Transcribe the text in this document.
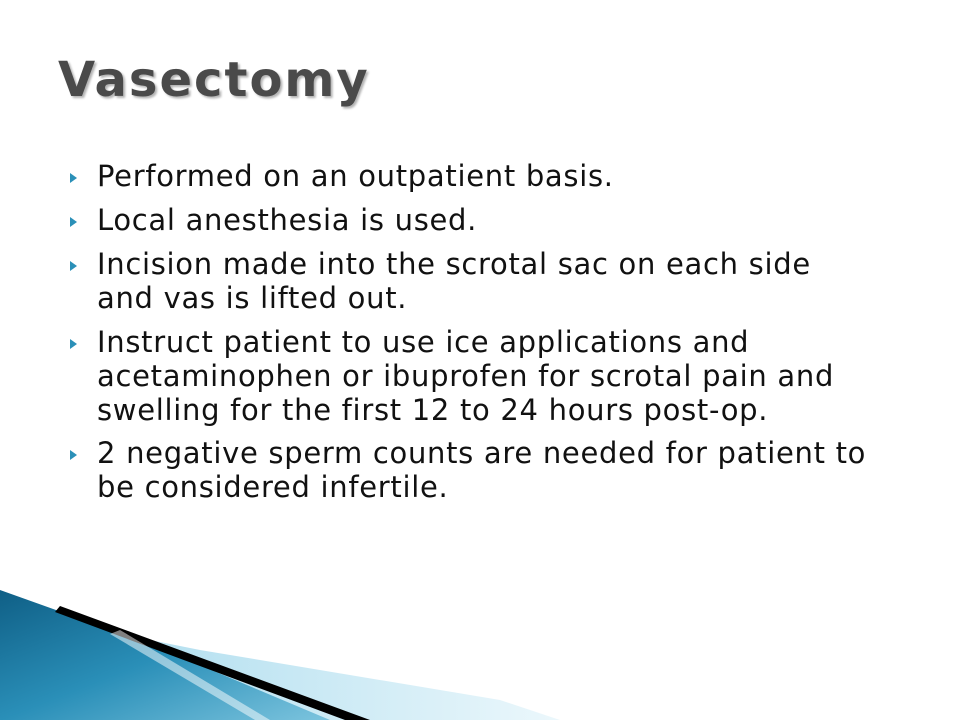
Vasectomy
Performed on an outpatient basis.
Local anesthesia is used.
Incision made into the scrotal sac on each side and vas is lifted out.
Instruct patient to use ice applications and acetaminophen or ibuprofen for scrotal pain and swelling for the first 12 to 24 hours post-op.
2 negative sperm counts are needed for patient to be considered infertile.
